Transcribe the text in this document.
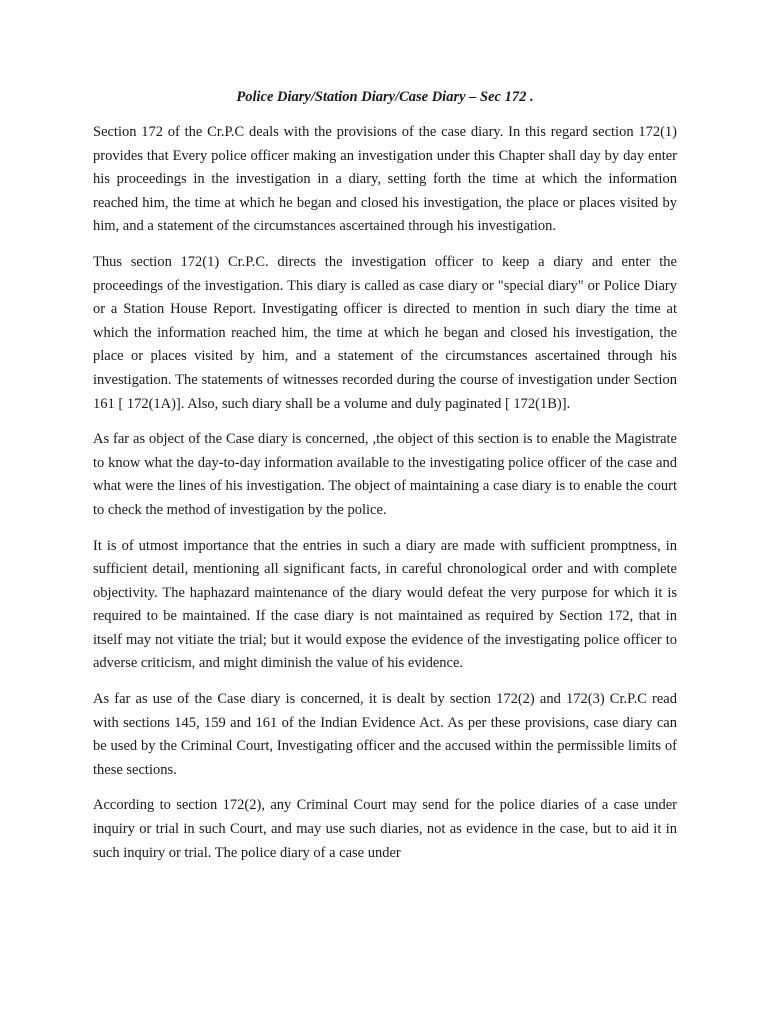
Police Diary/Station Diary/Case Diary – Sec 172 .

Section 172 of the Cr.P.C deals with the provisions of the case diary. In this regard section 172(1) provides that Every police officer making an investigation under this Chapter shall day by day enter his proceedings in the investigation in a diary, setting forth the time at which the information reached him, the time at which he began and closed his investigation, the place or places visited by him, and a statement of the circumstances ascertained through his investigation.

Thus section 172(1) Cr.P.C. directs the investigation officer to keep a diary and enter the proceedings of the investigation. This diary is called as case diary or "special diary" or Police Diary or a Station House Report. Investigating officer is directed to mention in such diary the time at which the information reached him, the time at which he began and closed his investigation, the place or places visited by him, and a statement of the circumstances ascertained through his investigation. The statements of witnesses recorded during the course of investigation under Section 161 [ 172(1A)]. Also, such diary shall be a volume and duly paginated [ 172(1B)].

As far as object of the Case diary is concerned, ,the object of this section is to enable the Magistrate to know what the day-to-day information available to the investigating police officer of the case and what were the lines of his investigation. The object of maintaining a case diary is to enable the court to check the method of investigation by the police.

It is of utmost importance that the entries in such a diary are made with sufficient promptness, in sufficient detail, mentioning all significant facts, in careful chronological order and with complete objectivity. The haphazard maintenance of the diary would defeat the very purpose for which it is required to be maintained. If the case diary is not maintained as required by Section 172, that in itself may not vitiate the trial; but it would expose the evidence of the investigating police officer to adverse criticism, and might diminish the value of his evidence.

As far as use of the Case diary is concerned, it is dealt by section 172(2) and 172(3) Cr.P.C read with sections 145, 159 and 161 of the Indian Evidence Act. As per these provisions, case diary can be used by the Criminal Court, Investigating officer and the accused within the permissible limits of these sections.

According to section 172(2), any Criminal Court may send for the police diaries of a case under inquiry or trial in such Court, and may use such diaries, not as evidence in the case, but to aid it in such inquiry or trial. The police diary of a case under
